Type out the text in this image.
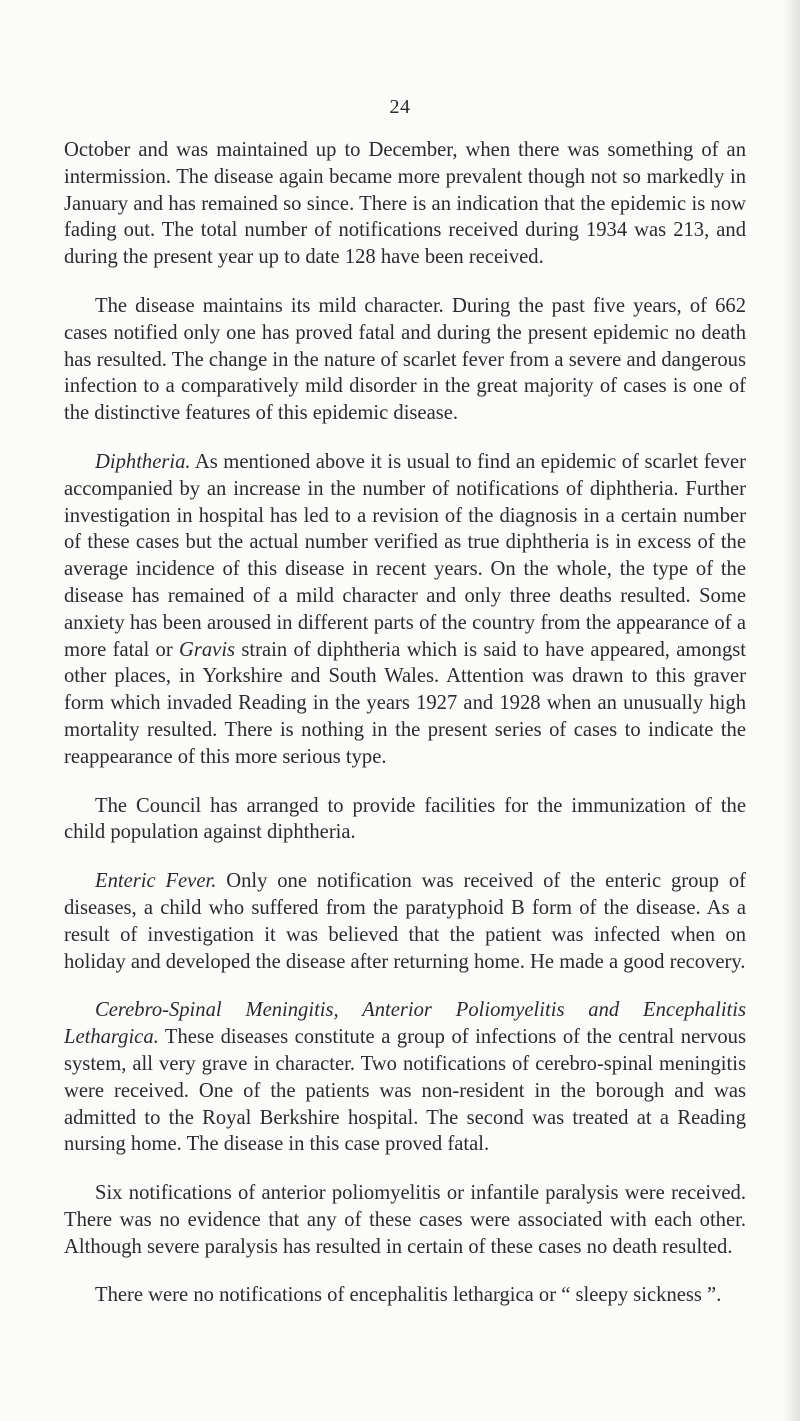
24

October and was maintained up to December, when there was something of an intermission. The disease again became more prevalent though not so markedly in January and has remained so since. There is an indication that the epidemic is now fading out. The total number of notifications received during 1934 was 213, and during the present year up to date 128 have been received.

The disease maintains its mild character. During the past five years, of 662 cases notified only one has proved fatal and during the present epidemic no death has resulted. The change in the nature of scarlet fever from a severe and dangerous infection to a comparatively mild disorder in the great majority of cases is one of the distinctive features of this epidemic disease.

Diphtheria. As mentioned above it is usual to find an epidemic of scarlet fever accompanied by an increase in the number of notifications of diphtheria. Further investigation in hospital has led to a revision of the diagnosis in a certain number of these cases but the actual number verified as true diphtheria is in excess of the average incidence of this disease in recent years. On the whole, the type of the disease has remained of a mild character and only three deaths resulted. Some anxiety has been aroused in different parts of the country from the appearance of a more fatal or Gravis strain of diphtheria which is said to have appeared, amongst other places, in Yorkshire and South Wales. Attention was drawn to this graver form which invaded Reading in the years 1927 and 1928 when an unusually high mortality resulted. There is nothing in the present series of cases to indicate the reappearance of this more serious type.

The Council has arranged to provide facilities for the immunization of the child population against diphtheria.

Enteric Fever. Only one notification was received of the enteric group of diseases, a child who suffered from the paratyphoid B form of the disease. As a result of investigation it was believed that the patient was infected when on holiday and developed the disease after returning home. He made a good recovery.

Cerebro-Spinal Meningitis, Anterior Poliomyelitis and Encephalitis Lethargica. These diseases constitute a group of infections of the central nervous system, all very grave in character. Two notifications of cerebro-spinal meningitis were received. One of the patients was non-resident in the borough and was admitted to the Royal Berkshire hospital. The second was treated at a Reading nursing home. The disease in this case proved fatal.

Six notifications of anterior poliomyelitis or infantile paralysis were received. There was no evidence that any of these cases were associated with each other. Although severe paralysis has resulted in certain of these cases no death resulted.

There were no notifications of encephalitis lethargica or “ sleepy sickness ”.
